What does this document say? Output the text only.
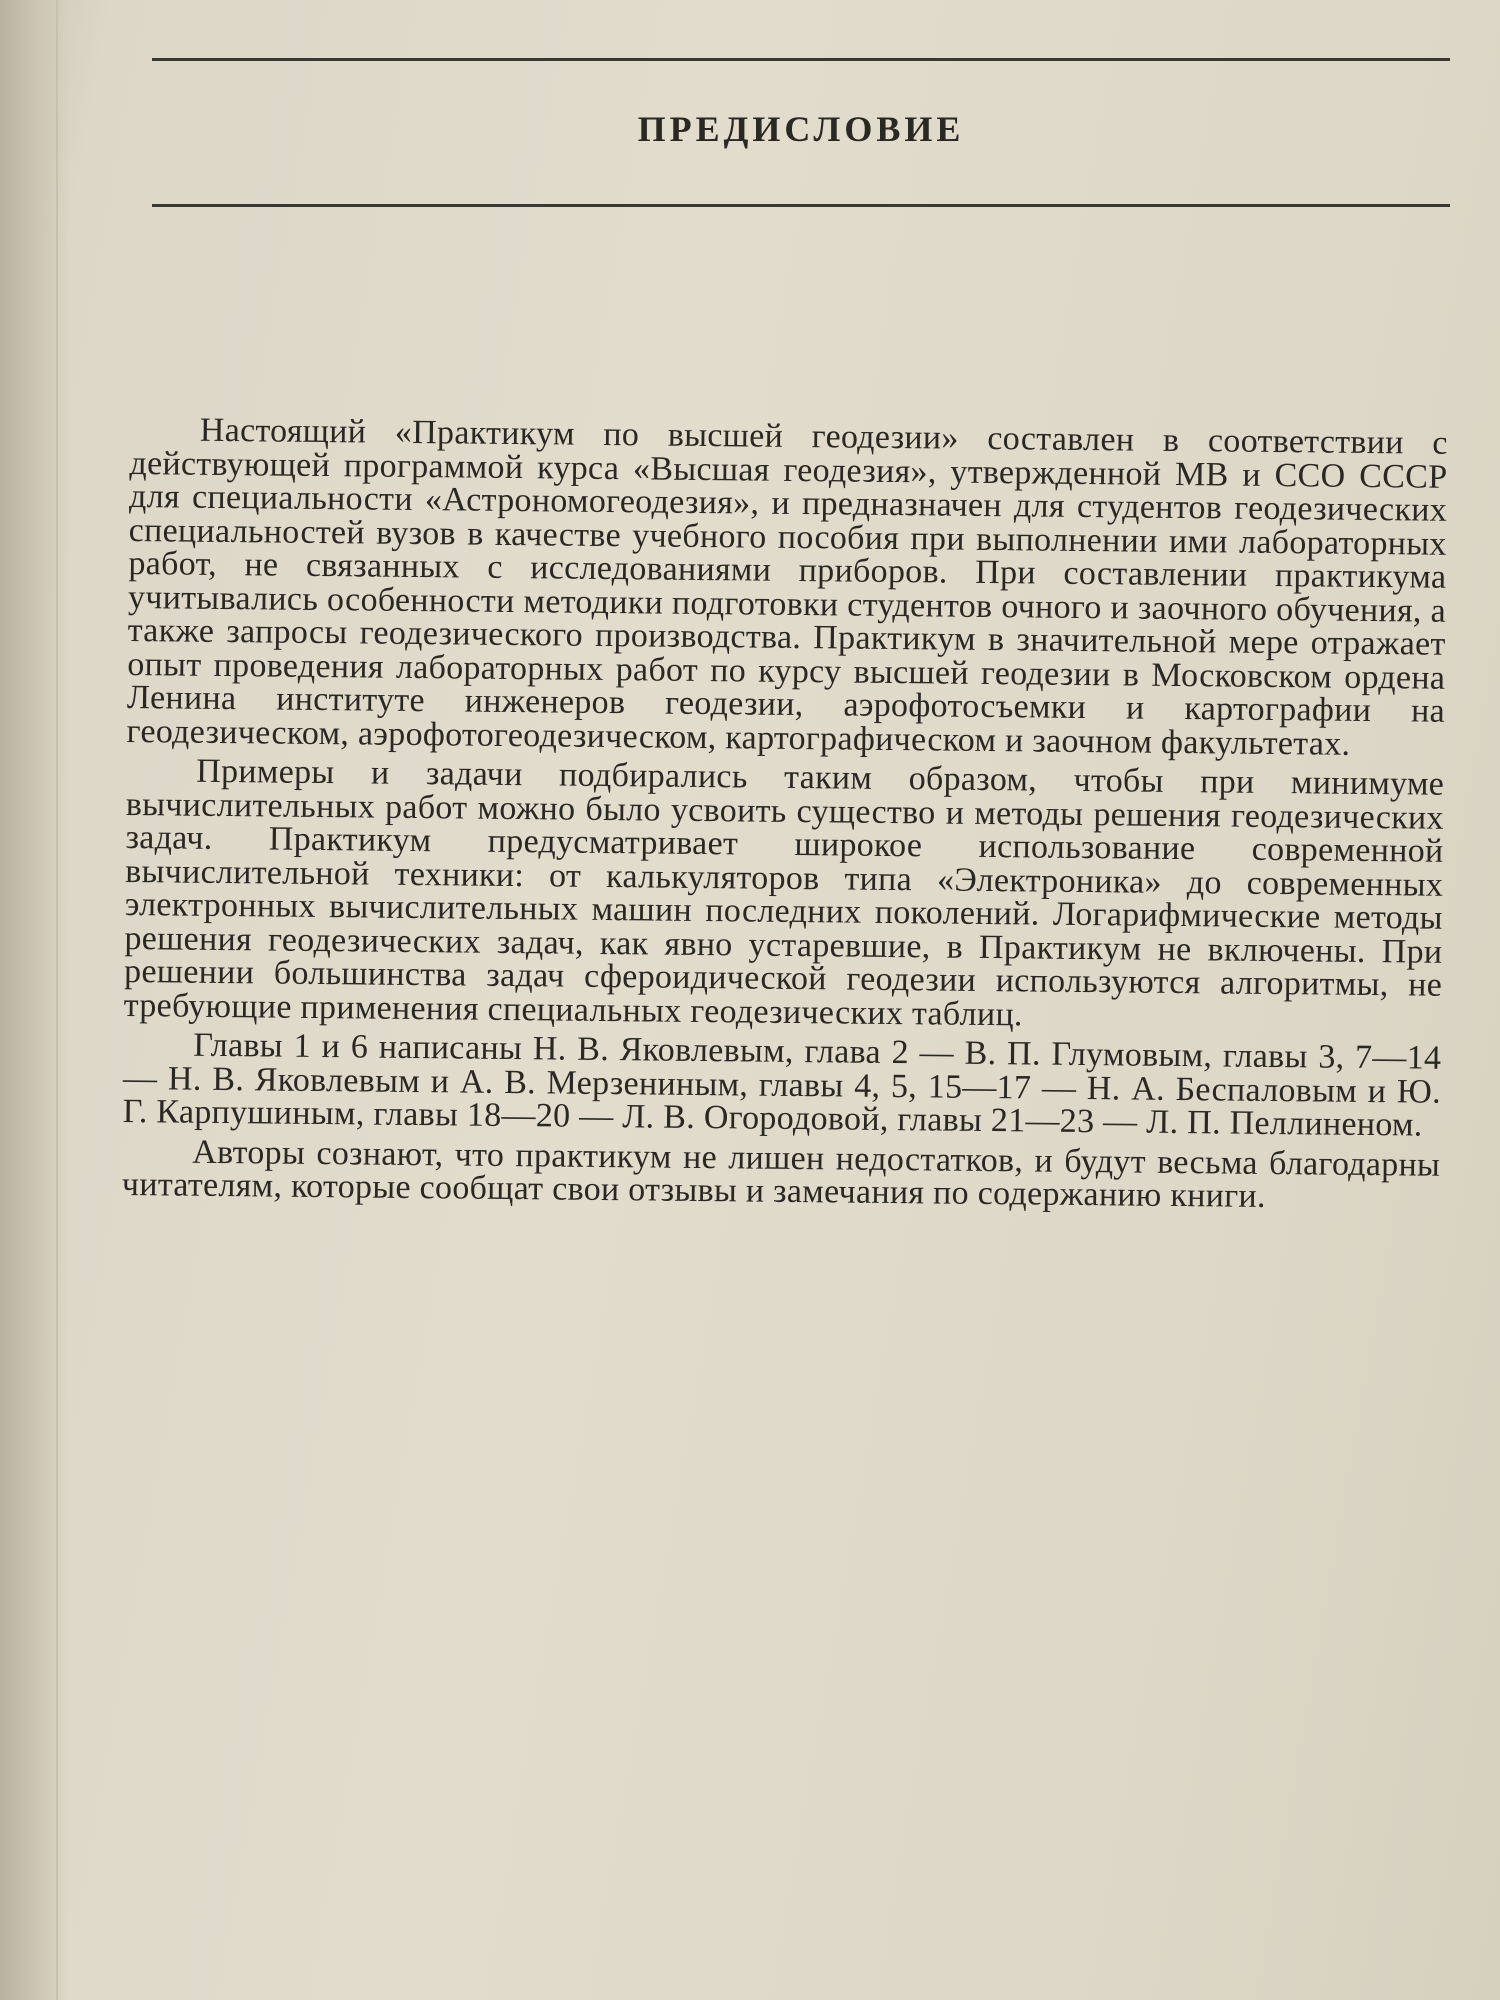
ПРЕДИСЛОВИЕ

Настоящий «Практикум по высшей геодезии» составлен в соответствии с действующей программой курса «Высшая геодезия», утвержденной МВ и ССО СССР для специальности «Астрономогеодезия», и предназначен для студентов геодезических специальностей вузов в качестве учебного пособия при выполнении ими лабораторных работ, не связанных с исследованиями приборов. При составлении практикума учитывались особенности методики подготовки студентов очного и заочного обучения, а также запросы геодезического производства. Практикум в значительной мере отражает опыт проведения лабораторных работ по курсу высшей геодезии в Московском ордена Ленина институте инженеров геодезии, аэрофотосъемки и картографии на геодезическом, аэрофотогеодезическом, картографическом и заочном факультетах.

Примеры и задачи подбирались таким образом, чтобы при минимуме вычислительных работ можно было усвоить существо и методы решения геодезических задач. Практикум предусматривает широкое использование современной вычислительной техники: от калькуляторов типа «Электроника» до современных электронных вычислительных машин последних поколений. Логарифмические методы решения геодезических задач, как явно устаревшие, в Практикум не включены. При решении большинства задач сфероидической геодезии используются алгоритмы, не требующие применения специальных геодезических таблиц.

Главы 1 и 6 написаны Н. В. Яковлевым, глава 2 — В. П. Глумовым, главы 3, 7—14 — Н. В. Яковлевым и А. В. Мерзениным, главы 4, 5, 15—17 — Н. А. Беспаловым и Ю. Г. Карпушиным, главы 18—20 — Л. В. Огородовой, главы 21—23 — Л. П. Пеллиненом.

Авторы сознают, что практикум не лишен недостатков, и будут весьма благодарны читателям, которые сообщат свои отзывы и замечания по содержанию книги.
